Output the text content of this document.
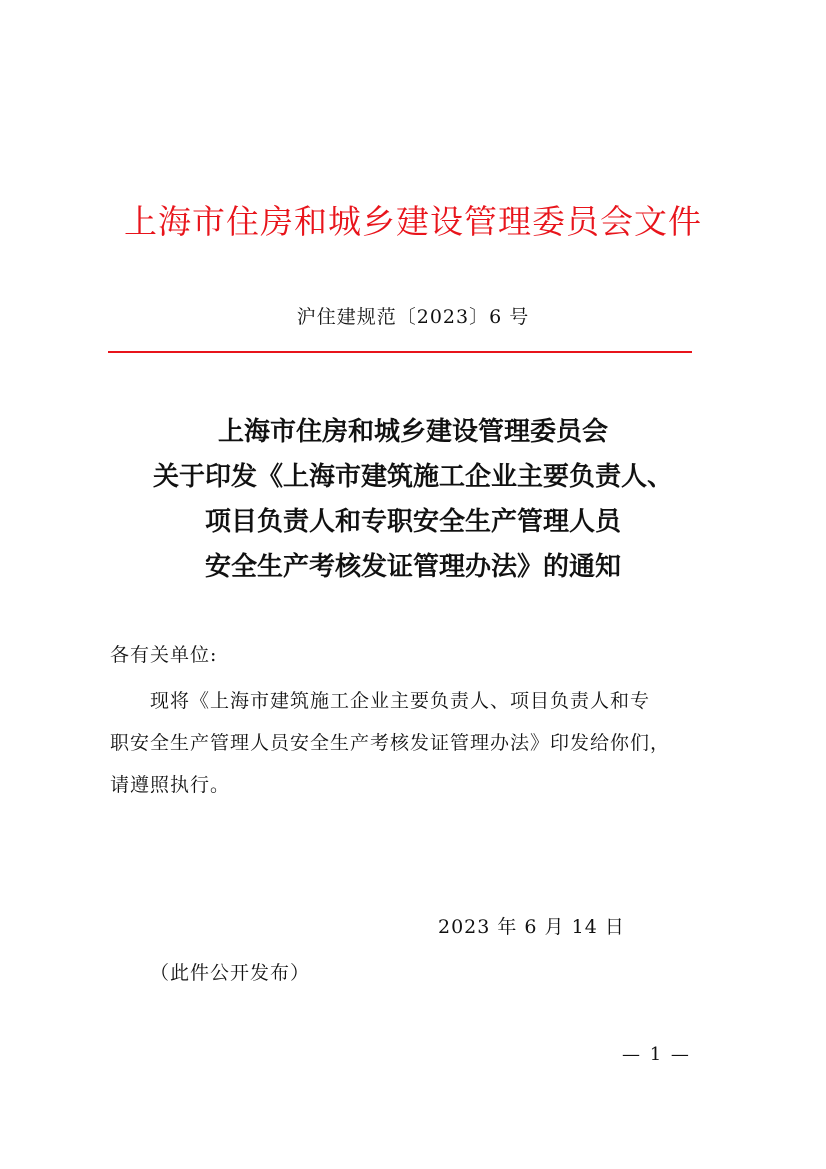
上海市住房和城乡建设管理委员会文件
沪住建规范〔2023〕6 号
上海市住房和城乡建设管理委员会
关于印发《上海市建筑施工企业主要负责人、
项目负责人和专职安全生产管理人员
安全生产考核发证管理办法》的通知
各有关单位:
现将《上海市建筑施工企业主要负责人、项目负责人和专
职安全生产管理人员安全生产考核发证管理办法》印发给你们，
请遵照执行。
2023 年 6 月 14 日
（此件公开发布）
— 1 —
